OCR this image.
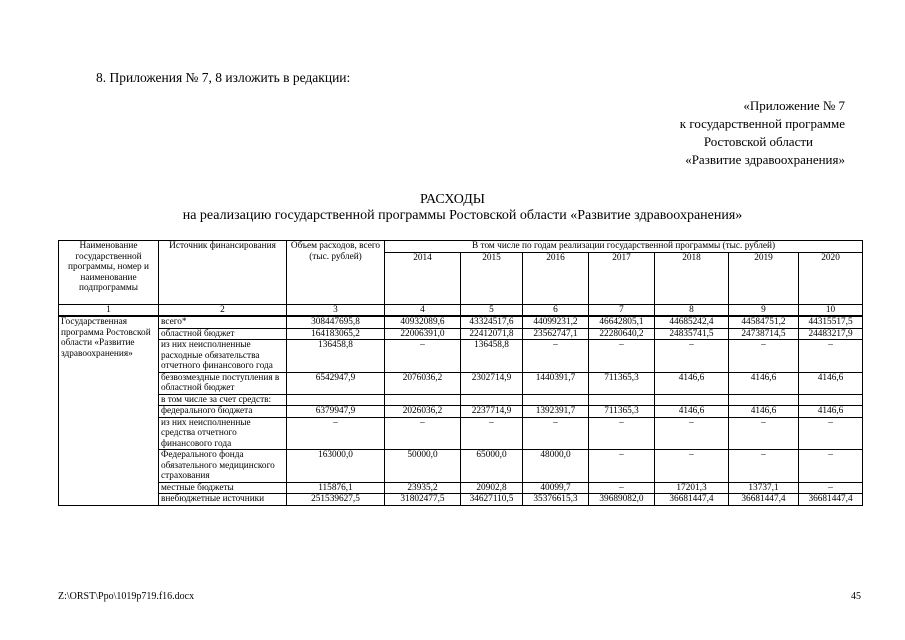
8. Приложения № 7, 8 изложить в редакции:
«Приложение № 7
к государственной программе
Ростовской области
«Развитие здравоохранения»
РАСХОДЫ
на реализацию государственной программы Ростовской области «Развитие здравоохранения»
Наименование государственной программы, номер и наименование подпрограммы	Источник финансирования	Объем расходов, всего (тыс. рублей)	В том числе по годам реализации государственной программы (тыс. рублей)						
			2014	2015	2016	2017	2018	2019	2020
1	2	3	4	5	6	7	8	9	10
Государственная программа Ростовской области «Развитие здравоохранения»	всего*	308447695,8	40932089,6	43324517,6	44099231,2	46642805,1	44685242,4	44584751,2	44315517,5
	областной бюджет	164183065,2	22006391,0	22412071,8	23562747,1	22280640,2	24835741,5	24738714,5	24483217,9
	из них неисполненные расходные обязательства отчетного финансового года	136458,8	–	136458,8	–	–	–	–	–
	безвозмездные поступления в областной бюджет	6542947,9	2076036,2	2302714,9	1440391,7	711365,3	4146,6	4146,6	4146,6
	в том числе за счет средств:								
	федерального бюджета	6379947,9	2026036,2	2237714,9	1392391,7	711365,3	4146,6	4146,6	4146,6
	из них неисполненные средства отчетного финансового года	–	–	–	–	–	–	–	–
	Федерального фонда обязательного медицинского страхования	163000,0	50000,0	65000,0	48000,0	–	–	–	–
	местные бюджеты	115876,1	23935,2	20902,8	40099,7	–	17201,3	13737,1	–
	внебюджетные источники	251539627,5	31802477,5	34627110,5	35376615,3	39689082,0	36681447,4	36681447,4	36681447,4
Z:\ORST\Ppo\1019p719.f16.docx	45
